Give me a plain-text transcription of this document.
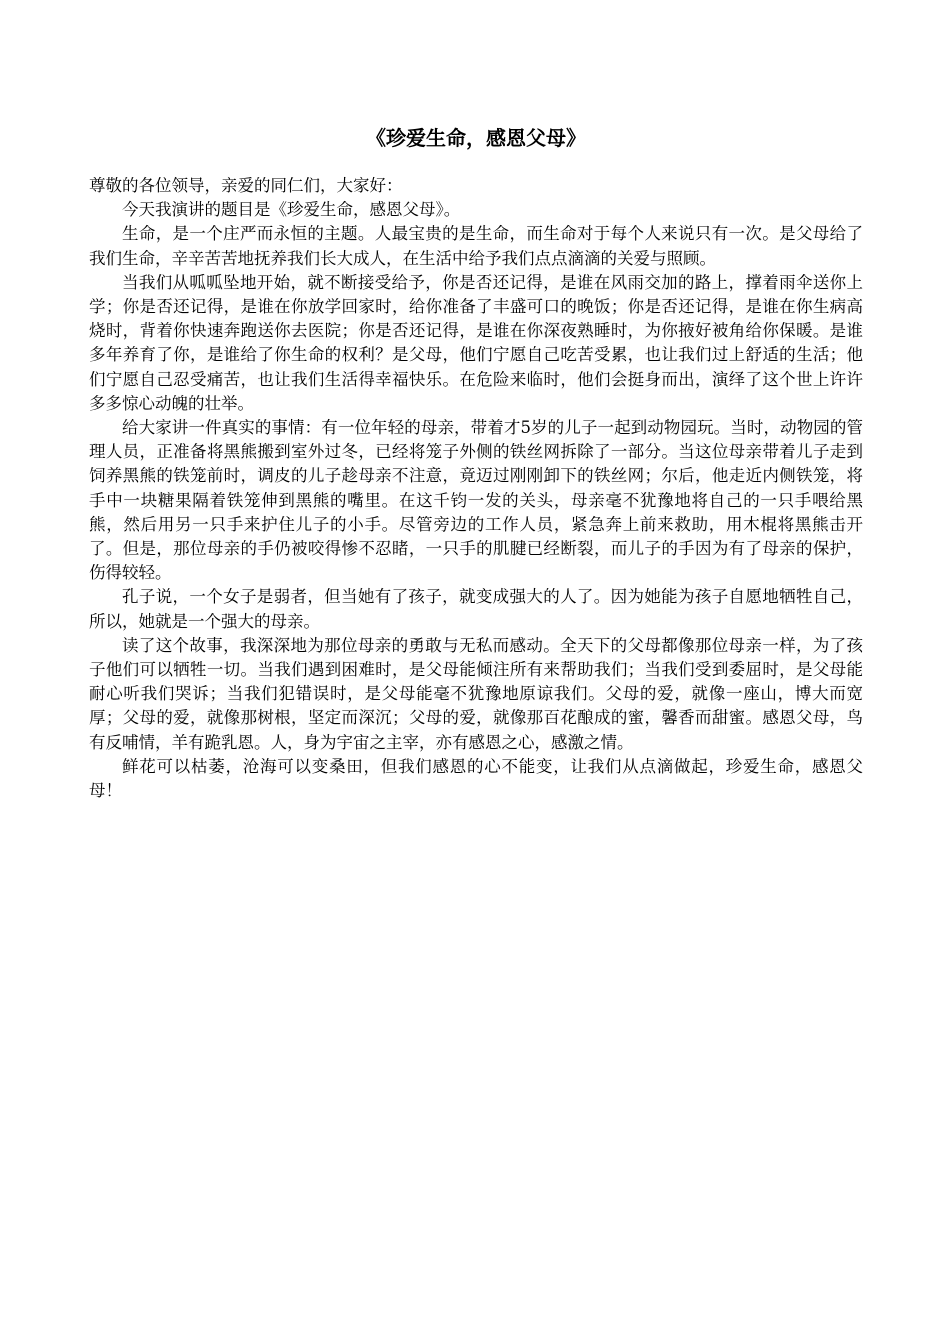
《珍爱生命，感恩父母》

尊敬的各位领导，亲爱的同仁们，大家好：

今天我演讲的题目是《珍爱生命，感恩父母》。

生命，是一个庄严而永恒的主题。人最宝贵的是生命，而生命对于每个人来说只有一次。是父母给了我们生命，辛辛苦苦地抚养我们长大成人，在生活中给予我们点点滴滴的关爱与照顾。

当我们从呱呱坠地开始，就不断接受给予，你是否还记得，是谁在风雨交加的路上，撑着雨伞送你上学；你是否还记得，是谁在你放学回家时，给你准备了丰盛可口的晚饭；你是否还记得，是谁在你生病高烧时，背着你快速奔跑送你去医院；你是否还记得，是谁在你深夜熟睡时，为你掖好被角给你保暖。是谁多年养育了你，是谁给了你生命的权利？是父母，他们宁愿自己吃苦受累，也让我们过上舒适的生活；他们宁愿自己忍受痛苦，也让我们生活得幸福快乐。在危险来临时，他们会挺身而出，演绎了这个世上许许多多惊心动魄的壮举。

给大家讲一件真实的事情：有一位年轻的母亲，带着才5岁的儿子一起到动物园玩。当时，动物园的管理人员，正准备将黑熊搬到室外过冬，已经将笼子外侧的铁丝网拆除了一部分。当这位母亲带着儿子走到饲养黑熊的铁笼前时，调皮的儿子趁母亲不注意，竟迈过刚刚卸下的铁丝网；尔后，他走近内侧铁笼，将手中一块糖果隔着铁笼伸到黑熊的嘴里。在这千钧一发的关头，母亲毫不犹豫地将自己的一只手喂给黑熊，然后用另一只手来护住儿子的小手。尽管旁边的工作人员，紧急奔上前来救助，用木棍将黑熊击开了。但是，那位母亲的手仍被咬得惨不忍睹，一只手的肌腱已经断裂，而儿子的手因为有了母亲的保护，伤得较轻。

孔子说，一个女子是弱者，但当她有了孩子，就变成强大的人了。因为她能为孩子自愿地牺牲自己，所以，她就是一个强大的母亲。

读了这个故事，我深深地为那位母亲的勇敢与无私而感动。全天下的父母都像那位母亲一样，为了孩子他们可以牺牲一切。当我们遇到困难时，是父母能倾注所有来帮助我们；当我们受到委屈时，是父母能耐心听我们哭诉；当我们犯错误时，是父母能毫不犹豫地原谅我们。父母的爱，就像一座山，博大而宽厚；父母的爱，就像那树根，坚定而深沉；父母的爱，就像那百花酿成的蜜，馨香而甜蜜。感恩父母，鸟有反哺情，羊有跪乳恩。人，身为宇宙之主宰，亦有感恩之心，感激之情。

鲜花可以枯萎，沧海可以变桑田，但我们感恩的心不能变，让我们从点滴做起，珍爱生命，感恩父母！
